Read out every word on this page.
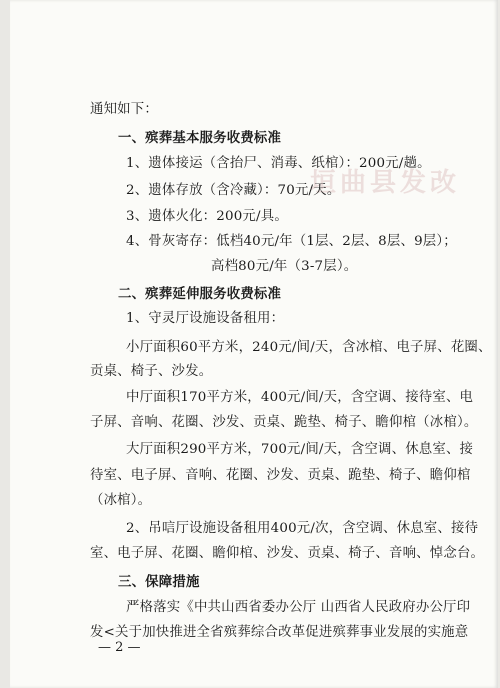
垣曲县发改
通知如下：
一、殡葬基本服务收费标准
1、遗体接运（含抬尸、消毒、纸棺）：200元/趟。
2、遗体存放（含冷藏）：70元/天。
3、遗体火化：200元/具。
4、骨灰寄存：低档40元/年（1层、2层、8层、9层）；
高档80元/年（3-7层）。
二、殡葬延伸服务收费标准
1、守灵厅设施设备租用：
小厅面积60平方米，240元/间/天，含冰棺、电子屏、花圈、
贡桌、椅子、沙发。
中厅面积170平方米，400元/间/天，含空调、接待室、电
子屏、音响、花圈、沙发、贡桌、跪垫、椅子、瞻仰棺（冰棺）。
大厅面积290平方米，700元/间/天，含空调、休息室、接
待室、电子屏、音响、花圈、沙发、贡桌、跪垫、椅子、瞻仰棺
（冰棺）。
2、吊唁厅设施设备租用400元/次，含空调、休息室、接待
室、电子屏、花圈、瞻仰棺、沙发、贡桌、椅子、音响、悼念台。
三、保障措施
严格落实《中共山西省委办公厅 山西省人民政府办公厅印
发<关于加快推进全省殡葬综合改革促进殡葬事业发展的实施意
— 2 —
